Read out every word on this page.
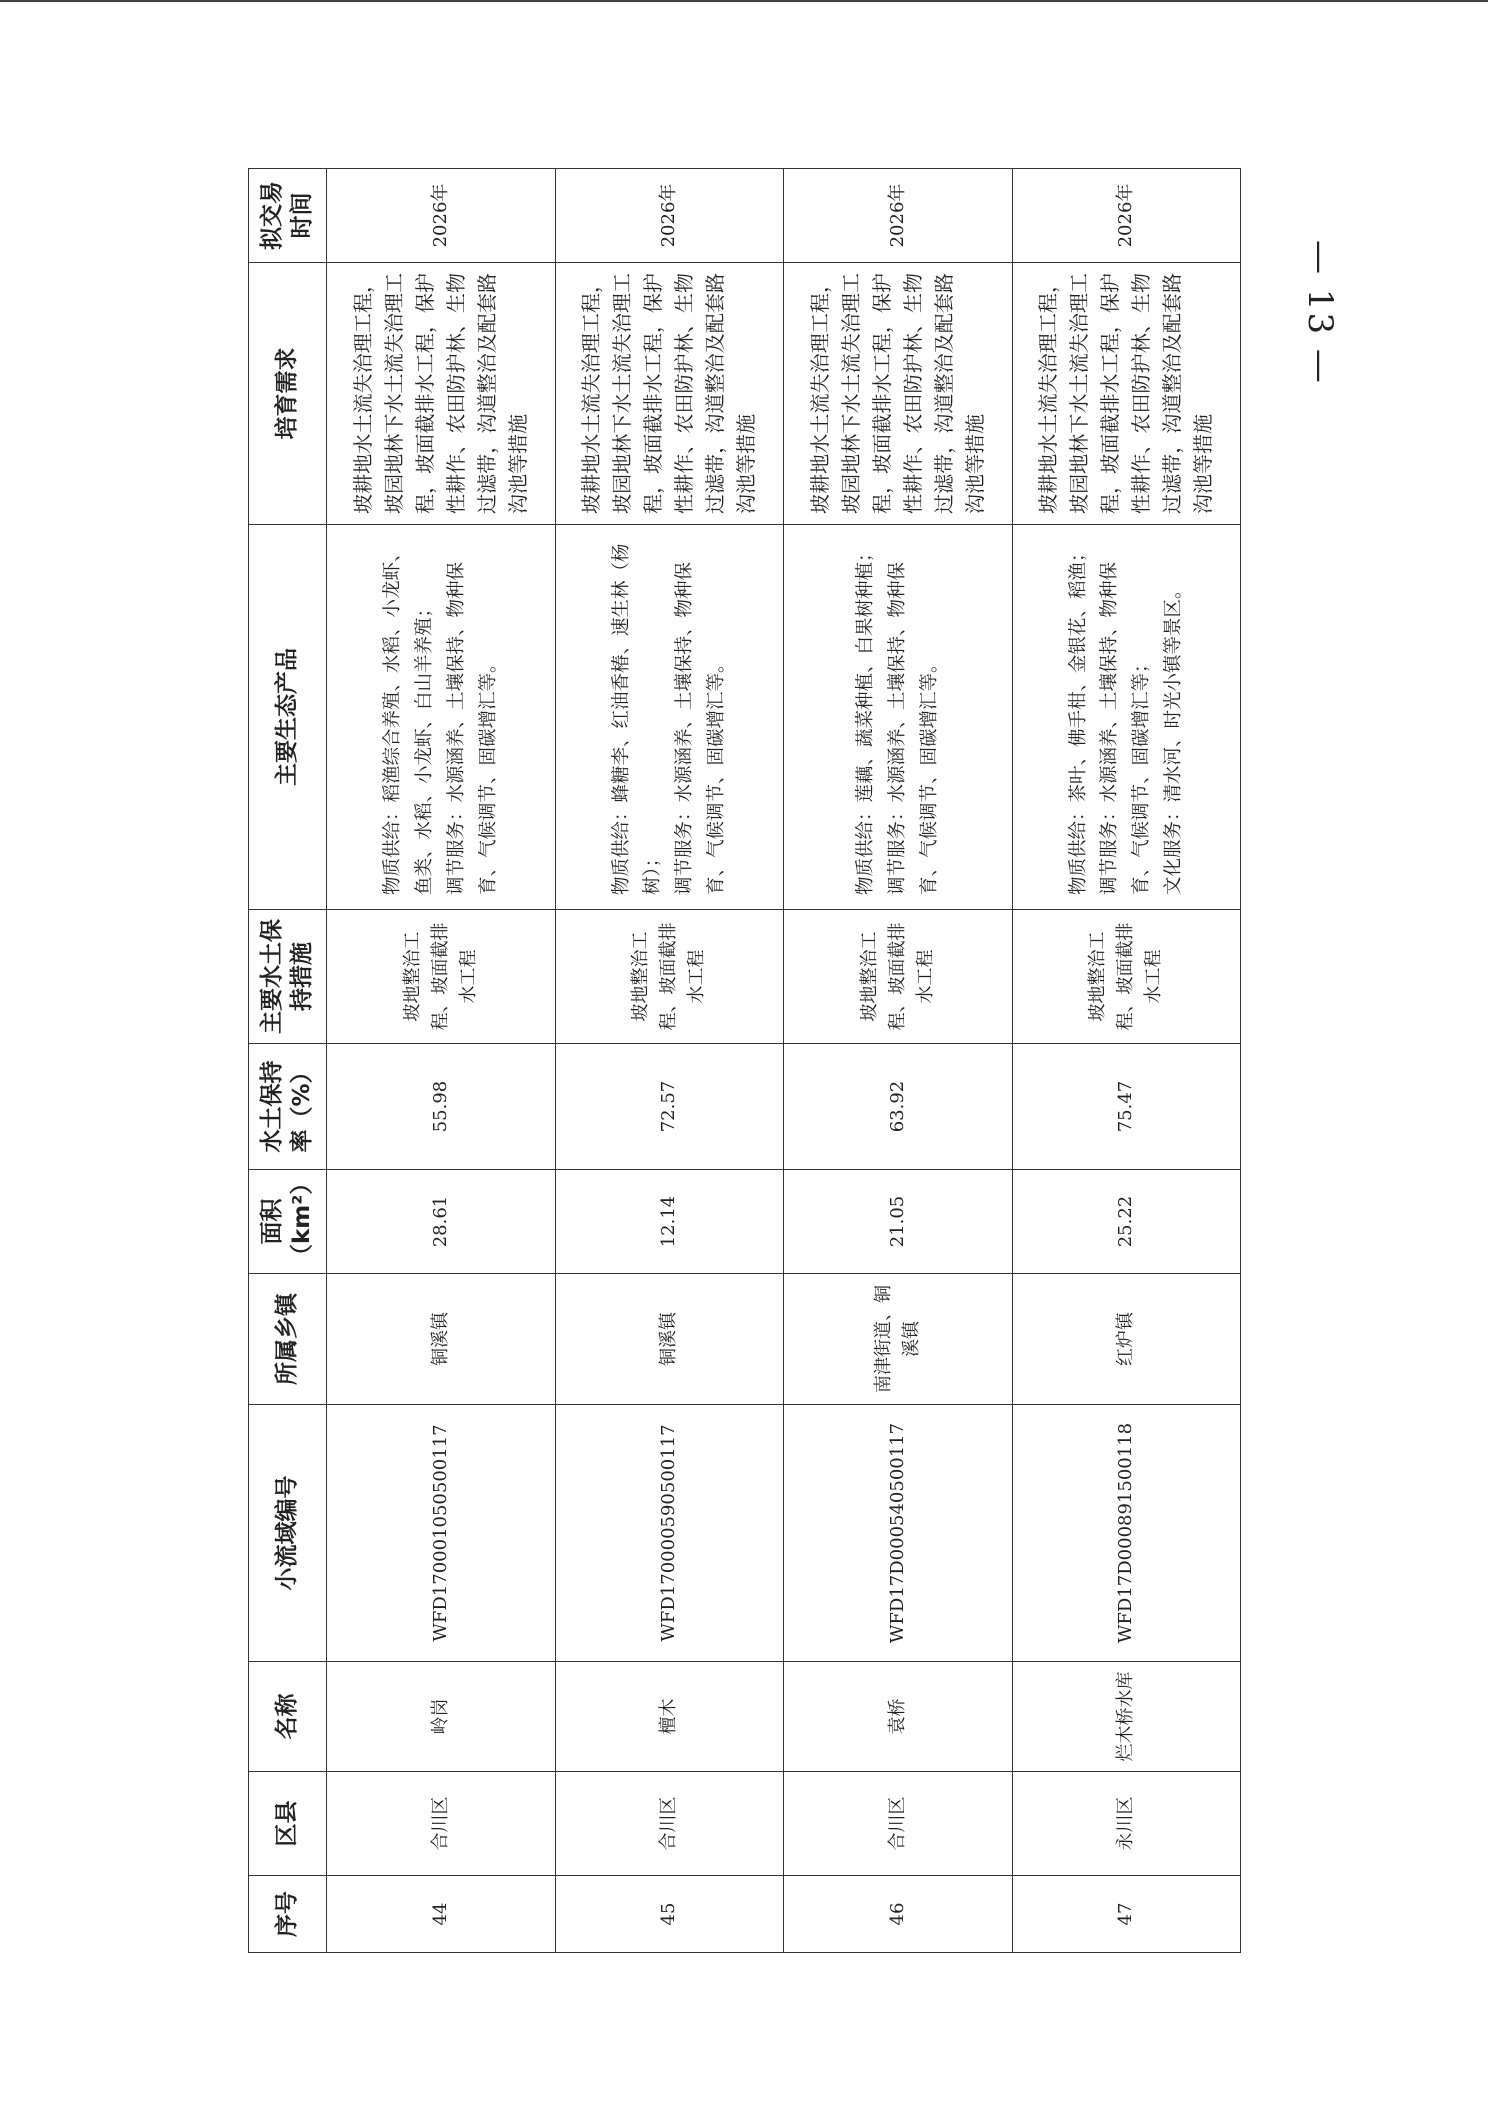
— 13 —
序号	区县	名称	小流域编号	所属乡镇	面积（km²）	水土保持率（%）	主要水土保持措施	主要生态产品	培育需求	拟交易时间
44	合川区	岭岗	WFD170001050500117	铜溪镇	28.61	55.98	坡地整治工程、坡面截排水工程	物质供给：稻渔综合养殖、水稻、小龙虾、鱼类、水稻、小龙虾、白山羊养殖；
调节服务：水源涵养、土壤保持、物种保育、气候调节、固碳增汇等。	坡耕地水土流失治理工程，坡园地林下水土流失治理工程，坡面截排水工程，保护性耕作、农田防护林、生物过滤带，沟道整治及配套路沟池等措施	2026年
45	合川区	檀木	WFD170000590500117	铜溪镇	12.14	72.57	坡地整治工程、坡面截排水工程	物质供给：蜂糖李、红油香椿、速生林（杨树）；
调节服务：水源涵养、土壤保持、物种保育、气候调节、固碳增汇等。	坡耕地水土流失治理工程，坡园地林下水土流失治理工程，坡面截排水工程，保护性耕作、农田防护林、生物过滤带，沟道整治及配套路沟池等措施	2026年
46	合川区	袁桥	WFD17D000540500117	南津街道、铜溪镇	21.05	63.92	坡地整治工程、坡面截排水工程	物质供给：莲藕、蔬菜种植、白果树种植；
调节服务：水源涵养、土壤保持、物种保育、气候调节、固碳增汇等。	坡耕地水土流失治理工程，坡园地林下水土流失治理工程，坡面截排水工程，保护性耕作、农田防护林、生物过滤带，沟道整治及配套路沟池等措施	2026年
47	永川区	烂木桥水库	WFD17D000891500118	红炉镇	25.22	75.47	坡地整治工程、坡面截排水工程	物质供给：茶叶、佛手柑、金银花、稻渔；
调节服务：水源涵养、土壤保持、物种保育、气候调节、固碳增汇等；
文化服务：清水河、时光小镇等景区。	坡耕地水土流失治理工程，坡园地林下水土流失治理工程，坡面截排水工程，保护性耕作、农田防护林、生物过滤带，沟道整治及配套路沟池等措施	2026年
